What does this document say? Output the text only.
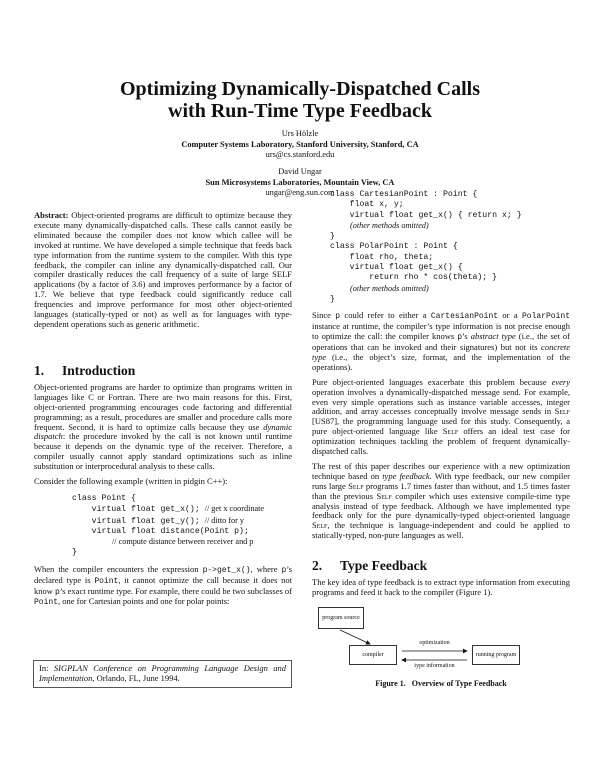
Optimizing Dynamically-Dispatched Calls
with Run-Time Type Feedback
Urs Hölzle
Computer Systems Laboratory, Stanford University, Stanford, CA
urs@cs.stanford.edu
David Ungar
Sun Microsystems Laboratories, Mountain View, CA
ungar@eng.sun.com

Abstract: Object-oriented programs are difficult to optimize because they execute many dynamically-dispatched calls. These calls cannot easily be eliminated because the compiler does not know which callee will be invoked at runtime. We have developed a simple technique that feeds back type information from the runtime system to the compiler. With this type feedback, the compiler can inline any dynamically-dispatched call. Our compiler drastically reduces the call frequency of a suite of large SELF applications (by a factor of 3.6) and improves performance by a factor of 1.7. We believe that type feedback could significantly reduce call frequencies and improve performance for most other object-oriented languages (statically-typed or not) as well as for languages with type-dependent operations such as generic arithmetic.

1. Introduction

Object-oriented programs are harder to optimize than programs written in languages like C or Fortran. There are two main reasons for this. First, object-oriented programming encourages code factoring and differential programming; as a result, procedures are smaller and procedure calls more frequent. Second, it is hard to optimize calls because they use dynamic dispatch: the procedure invoked by the call is not known until runtime because it depends on the dynamic type of the receiver. Therefore, a compiler usually cannot apply standard optimizations such as inline substitution or interprocedural analysis to these calls.

Consider the following example (written in pidgin C++):

class Point {
virtual float get_x(); // get x coordinate
virtual float get_y(); // ditto for y
virtual float distance(Point p);
// compute distance between receiver and p
}

When the compiler encounters the expression p->get_x(), where p’s declared type is Point, it cannot optimize the call because it does not know p’s exact runtime type. For example, there could be two subclasses of Point, one for Cartesian points and one for polar points:

In: SIGPLAN Conference on Programming Language Design and Implementation, Orlando, FL, June 1994.

class CartesianPoint : Point {
float x, y;
virtual float get_x() { return x; }
(other methods omitted)
}
class PolarPoint : Point {
float rho, theta;
virtual float get_x() {
return rho * cos(theta); }
(other methods omitted)
}

Since p could refer to either a CartesianPoint or a PolarPoint instance at runtime, the compiler’s type information is not precise enough to optimize the call: the compiler knows p’s abstract type (i.e., the set of operations that can be invoked and their signatures) but not its concrete type (i.e., the object’s size, format, and the implementation of the operations).

Pure object-oriented languages exacerbate this problem because every operation involves a dynamically-dispatched message send. For example, even very simple operations such as instance variable accesses, integer addition, and array accesses conceptually involve message sends in Self [US87], the programming language used for this study. Consequently, a pure object-oriented language like Self offers an ideal test case for optimization techniques tackling the problem of frequent dynamically-dispatched calls.

The rest of this paper describes our experience with a new optimization technique based on type feedback. With type feedback, our new compiler runs large Self programs 1.7 times faster than without, and 1.5 times faster than the previous Self compiler which uses extensive compile-time type analysis instead of type feedback. Although we have implemented type feedback only for the pure dynamically-typed object-oriented language Self, the technique is language-independent and could be applied to statically-typed, non-pure languages as well.

2. Type Feedback

The key idea of type feedback is to extract type information from executing programs and feed it back to the compiler (Figure 1).

program source
compiler	running program
optimization
type information
Figure 1.   Overview of Type Feedback
